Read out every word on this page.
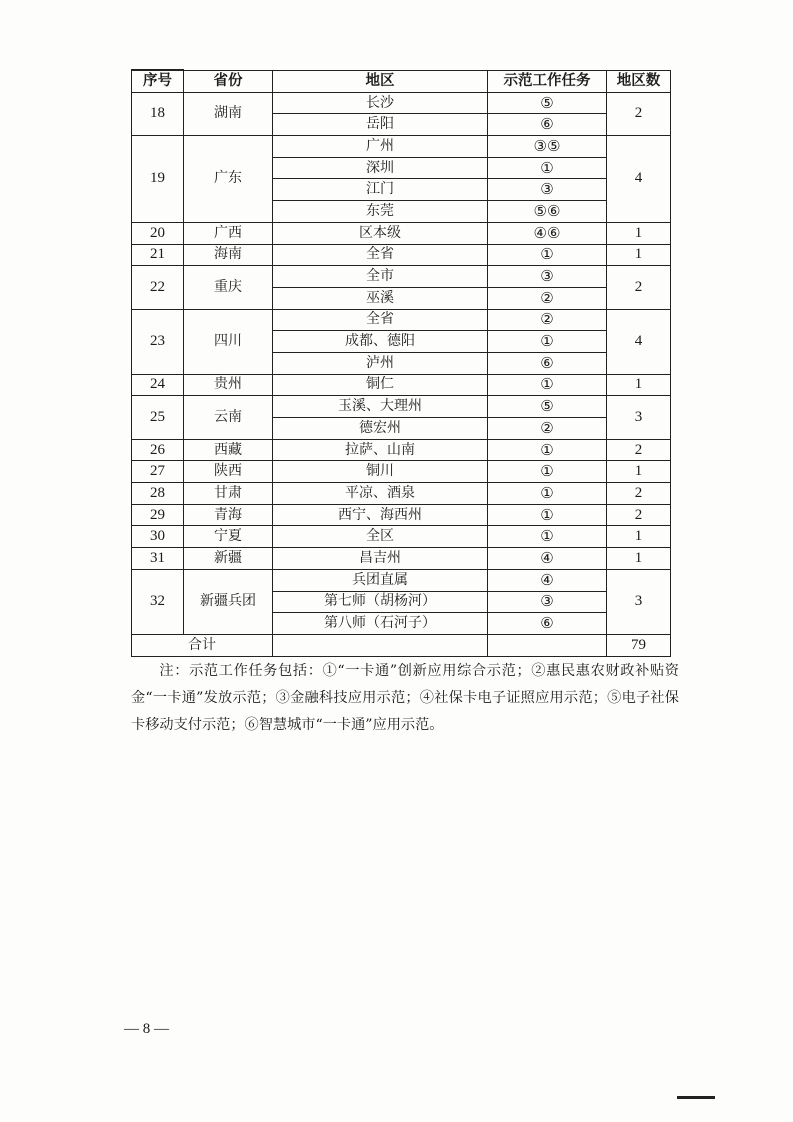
序号	省份	地区	示范工作任务	地区数
18	湖南	长沙	⑤	2
		岳阳	⑥	
19	广东	广州	③⑤	4
		深圳	①	
		江门	③	
		东莞	⑤⑥	
20	广西	区本级	④⑥	1
21	海南	全省	①	1
22	重庆	全市	③	2
		巫溪	②	
23	四川	全省	②	4
		成都、德阳	①	
		泸州	⑥	
24	贵州	铜仁	①	1
25	云南	玉溪、大理州	⑤	3
		德宏州	②	
26	西藏	拉萨、山南	①	2
27	陕西	铜川	①	1
28	甘肃	平凉、酒泉	①	2
29	青海	西宁、海西州	①	2
30	宁夏	全区	①	1
31	新疆	昌吉州	④	1
32	新疆兵团	兵团直属	④	3
		第七师（胡杨河）	③	
		第八师（石河子）	⑥	
合计				79

注：示范工作任务包括：①“一卡通”创新应用综合示范；②惠民惠农财政补贴资金“一卡通”发放示范；③金融科技应用示范；④社保卡电子证照应用示范；⑤电子社保卡移动支付示范；⑥智慧城市“一卡通”应用示范。

— 8 —
